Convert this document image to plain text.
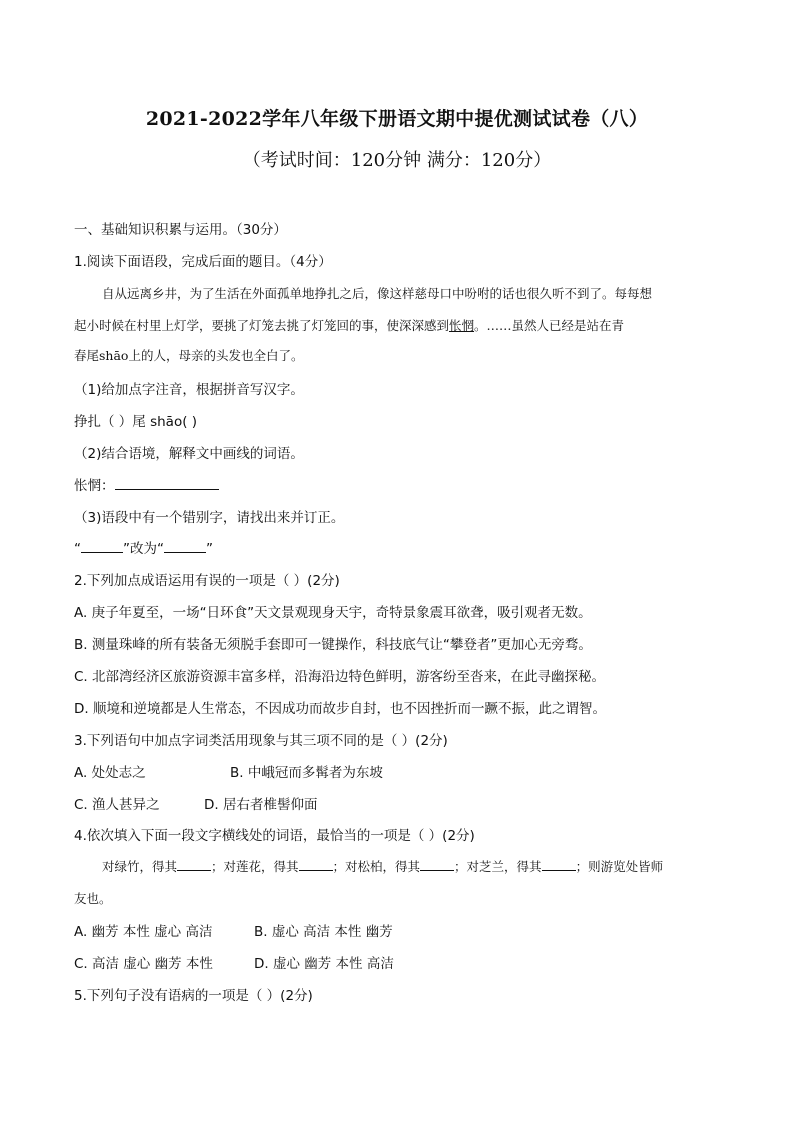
2021-2022学年八年级下册语文期中提优测试试卷（八）
（考试时间：120分钟 满分：120分）
一、基础知识积累与运用。（30分）
1.阅读下面语段，完成后面的题目。（4分）
自从远离乡井，为了生活在外面孤单地挣扎之后，像这样慈母口中吩咐的话也很久听不到了。每每想
起小时候在村里上灯学，要挑了灯笼去挑了灯笼回的事，使深深感到怅惘。……虽然人已经是站在青
春尾shāo上的人，母亲的头发也全白了。
（1)给加点字注音，根据拼音写汉字。
挣扎（ ）尾 shāo( )
（2)结合语境，解释文中画线的词语。
怅惘：
（3)语段中有一个错别字，请找出来并订正。
“	”改为“	”
2.下列加点成语运用有误的一项是（ ）(2分)
A. 庚子年夏至，一场“日环食”天文景观现身天宇，奇特景象震耳欲聋，吸引观者无数。
B. 测量珠峰的所有装备无须脱手套即可一键操作，科技底气让“攀登者”更加心无旁骛。
C. 北部湾经济区旅游资源丰富多样，沿海沿边特色鲜明，游客纷至沓来，在此寻幽探秘。
D. 顺境和逆境都是人生常态，不因成功而故步自封，也不因挫折而一蹶不振，此之谓智。
3.下列语句中加点字词类活用现象与其三项不同的是（ ）(2分)
A. 处处志之	B. 中峨冠而多髯者为东坡
C. 渔人甚异之	D. 居右者椎髻仰面
4.依次填入下面一段文字横线处的词语，最恰当的一项是（ ）(2分)
对绿竹，得其	；对莲花，得其	；对松柏，得其	；对芝兰，得其	；则游览处皆师
友也。
A. 幽芳 本性 虚心 高洁	B. 虚心 高洁 本性 幽芳
C. 高洁 虚心 幽芳 本性	D. 虚心 幽芳 本性 高洁
5.下列句子没有语病的一项是（ ）(2分)
